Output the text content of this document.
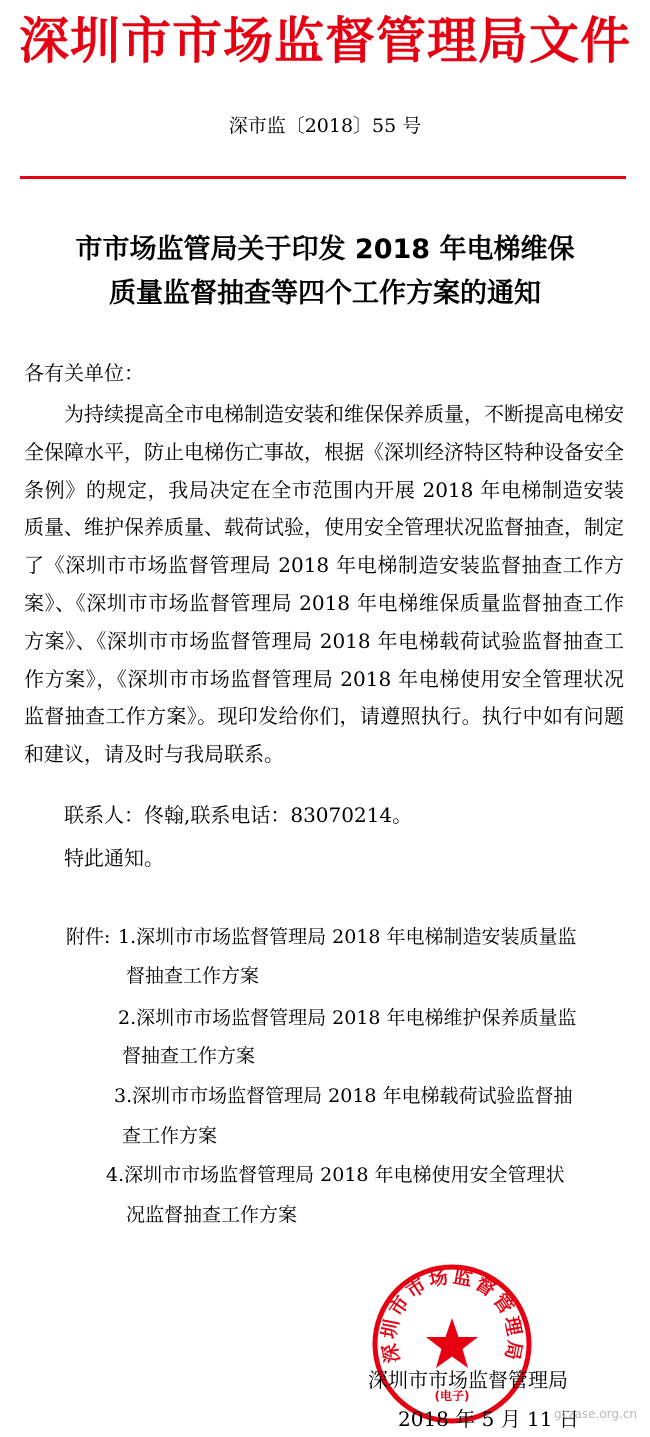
深圳市市场监督管理局文件
深市监〔2018〕55 号
市市场监管局关于印发 2018 年电梯维保
质量监督抽查等四个工作方案的通知
各有关单位：

为持续提高全市电梯制造安装和维保保养质量，不断提高电梯安全保障水平，防止电梯伤亡事故，根据《深圳经济特区特种设备安全条例》的规定，我局决定在全市范围内开展 2018 年电梯制造安装质量、维护保养质量、载荷试验，使用安全管理状况监督抽查，制定了《深圳市市场监督管理局 2018 年电梯制造安装监督抽查工作方案》、《深圳市市场监督管理局 2018 年电梯维保质量监督抽查工作方案》、《深圳市市场监督管理局 2018 年电梯载荷试验监督抽查工作方案》，《深圳市市场监督管理局 2018 年电梯使用安全管理状况监督抽查工作方案》。现印发给你们，请遵照执行。执行中如有问题和建议，请及时与我局联系。

联系人：佟翰,联系电话：83070214。
特此通知。
附件: 1.深圳市市场监督管理局 2018 年电梯制造安装质量监
督抽查工作方案
2.深圳市市场监督管理局 2018 年电梯维护保养质量监
督抽查工作方案
3.深圳市市场监督管理局 2018 年电梯载荷试验监督抽
查工作方案
4.深圳市市场监督管理局 2018 年电梯使用安全管理状
况监督抽查工作方案
深圳市市场监督管理局
(电子)
深圳市市场监督管理局
2018 年 5 月 11 日
gczase.org.cn
